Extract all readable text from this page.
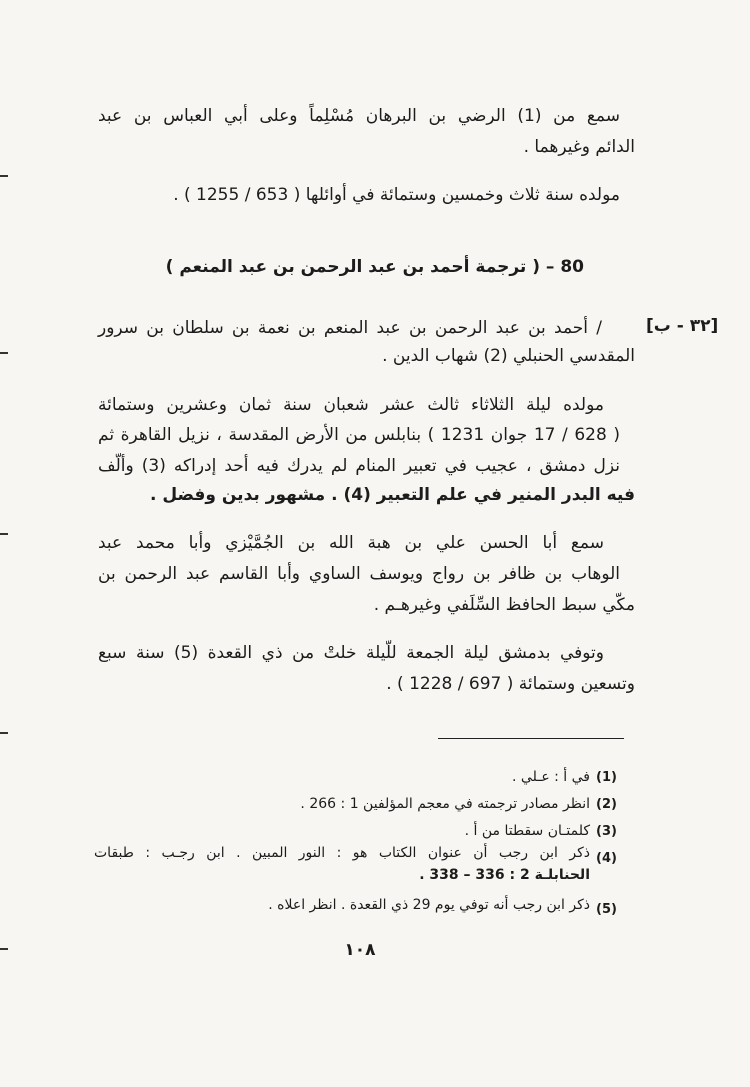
سمع من (1) الرضي بن البرهان مُسْلِماً وعلى أبي العباس بن عبد
الدائم وغيرهما .
مولده سنة ثلاث وخمسين وستمائة في أوائلها ( 653 / 1255 ) .
80 – ( ترجمة أحمد بن عبد الرحمن بن عبد المنعم )
[٣٢ - ب]
/ أحمد بن عبد الرحمن بن عبد المنعم بن نعمة بن سلطان بن سرور
المقدسي الحنبلي (2) شهاب الدين .
مولده ليلة الثلاثاء ثالث عشر شعبان سنة ثمان وعشرين وستمائة
( 628 / 17 جوان 1231 ) بنابلس من الأرض المقدسة ، نزيل القاهرة ثم
نزل دمشق ، عجيب في تعبير المنام لم يدرك فيه أحد إدراكه (3) وألّف
فيه البدر المنير في علم التعبير (4) . مشهور بدين وفضل .
سمع أبا الحسن علي بن هبة الله بن الجُمَّيْزي وأبا محمد عبد
الوهاب بن ظافر بن رواج ويوسف الساوي وأبا القاسم عبد الرحمن بن
مكّي سبط الحافظ السِّلَفي وغيرهـم .
وتوفي بدمشق ليلة الجمعة للّيلة خلتْ من ذي القعدة (5) سنة سبع
وتسعين وستمائة ( 697 / 1228 ) .
(1)
في أ : عـلي .
(2)
انظر مصادر ترجمته في معجم المؤلفين 1 : 266 .
(3)
كلمتـان سقطتا من أ .
(4)
ذكر ابن رجب أن عنوان الكتاب هو : النور المبين . ابن رجـب : طبقات
الحنابلـة 2 : 336 – 338 .
(5)
ذكر ابن رجب أنه توفي يوم 29 ذي القعدة . انظر اعلاه .
١٠٨
